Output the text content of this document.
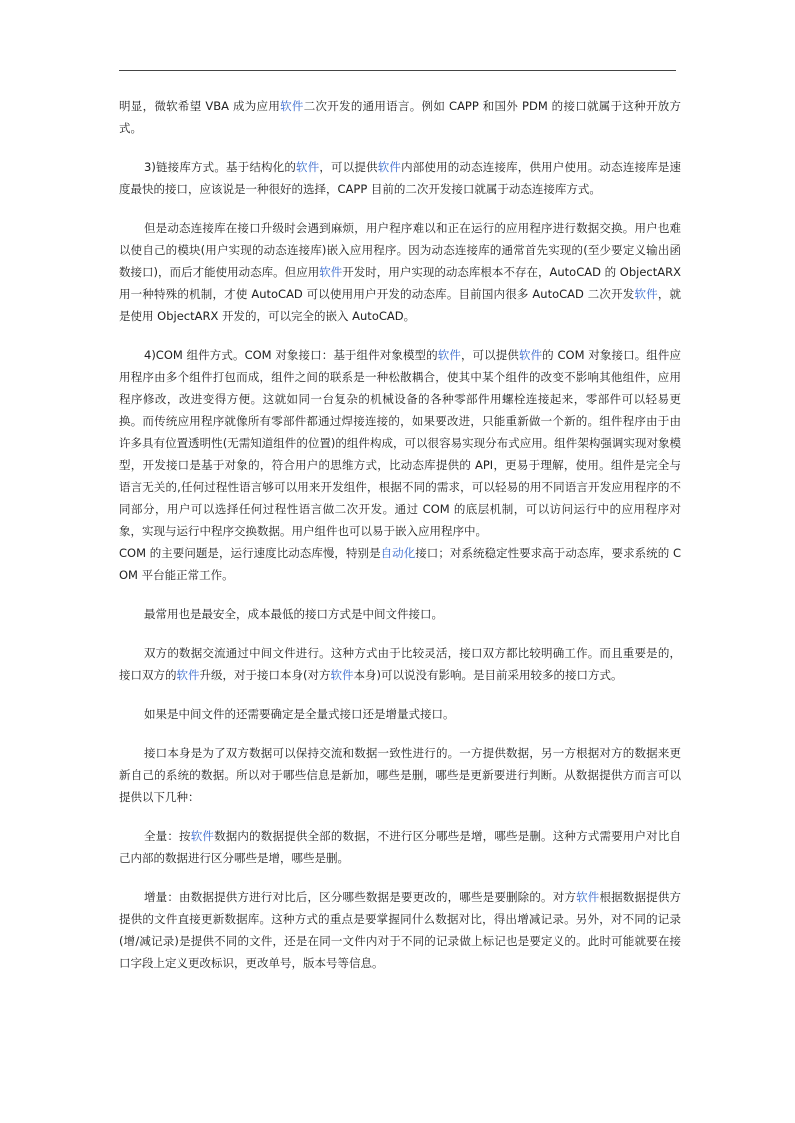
明显，微软希望 VBA 成为应用软件二次开发的通用语言。例如 CAPP 和国外 PDM 的接口就属于这种开放方式。

3)链接库方式。基于结构化的软件，可以提供软件内部使用的动态连接库，供用户使用。动态连接库是速度最快的接口，应该说是一种很好的选择，CAPP 目前的二次开发接口就属于动态连接库方式。

但是动态连接库在接口升级时会遇到麻烦，用户程序难以和正在运行的应用程序进行数据交换。用户也难以使自己的模块(用户实现的动态连接库)嵌入应用程序。因为动态连接库的通常首先实现的(至少要定义输出函数接口)，而后才能使用动态库。但应用软件开发时，用户实现的动态库根本不存在，AutoCAD 的 ObjectARX 用一种特殊的机制，才使 AutoCAD 可以使用用户开发的动态库。目前国内很多 AutoCAD 二次开发软件，就是使用 ObjectARX 开发的，可以完全的嵌入 AutoCAD。

4)COM 组件方式。COM 对象接口：基于组件对象模型的软件，可以提供软件的 COM 对象接口。组件应用程序由多个组件打包而成，组件之间的联系是一种松散耦合，使其中某个组件的改变不影响其他组件，应用程序修改，改进变得方便。这就如同一台复杂的机械设备的各种零部件用螺栓连接起来，零部件可以轻易更换。而传统应用程序就像所有零部件都通过焊接连接的，如果要改进，只能重新做一个新的。组件程序由于由许多具有位置透明性(无需知道组件的位置)的组件构成，可以很容易实现分布式应用。组件架构强调实现对象模型，开发接口是基于对象的，符合用户的思维方式，比动态库提供的 API，更易于理解，使用。组件是完全与语言无关的,任何过程性语言够可以用来开发组件，根据不同的需求，可以轻易的用不同语言开发应用程序的不同部分，用户可以选择任何过程性语言做二次开发。通过 COM 的底层机制，可以访问运行中的应用程序对象，实现与运行中程序交换数据。用户组件也可以易于嵌入应用程序中。

COM 的主要问题是，运行速度比动态库慢，特别是自动化接口；对系统稳定性要求高于动态库，要求系统的 COM 平台能正常工作。

最常用也是最安全，成本最低的接口方式是中间文件接口。

双方的数据交流通过中间文件进行。这种方式由于比较灵活，接口双方都比较明确工作。而且重要是的，接口双方的软件升级，对于接口本身(对方软件本身)可以说没有影响。是目前采用较多的接口方式。

如果是中间文件的还需要确定是全量式接口还是增量式接口。

接口本身是为了双方数据可以保持交流和数据一致性进行的。一方提供数据，另一方根据对方的数据来更新自己的系统的数据。所以对于哪些信息是新加，哪些是删，哪些是更新要进行判断。从数据提供方而言可以提供以下几种：

全量：按软件数据内的数据提供全部的数据，不进行区分哪些是增，哪些是删。这种方式需要用户对比自己内部的数据进行区分哪些是增，哪些是删。

增量：由数据提供方进行对比后，区分哪些数据是要更改的，哪些是要删除的。对方软件根据数据提供方提供的文件直接更新数据库。这种方式的重点是要掌握同什么数据对比，得出增减记录。另外，对不同的记录(增/减记录)是提供不同的文件，还是在同一文件内对于不同的记录做上标记也是要定义的。此时可能就要在接口字段上定义更改标识，更改单号，版本号等信息。
